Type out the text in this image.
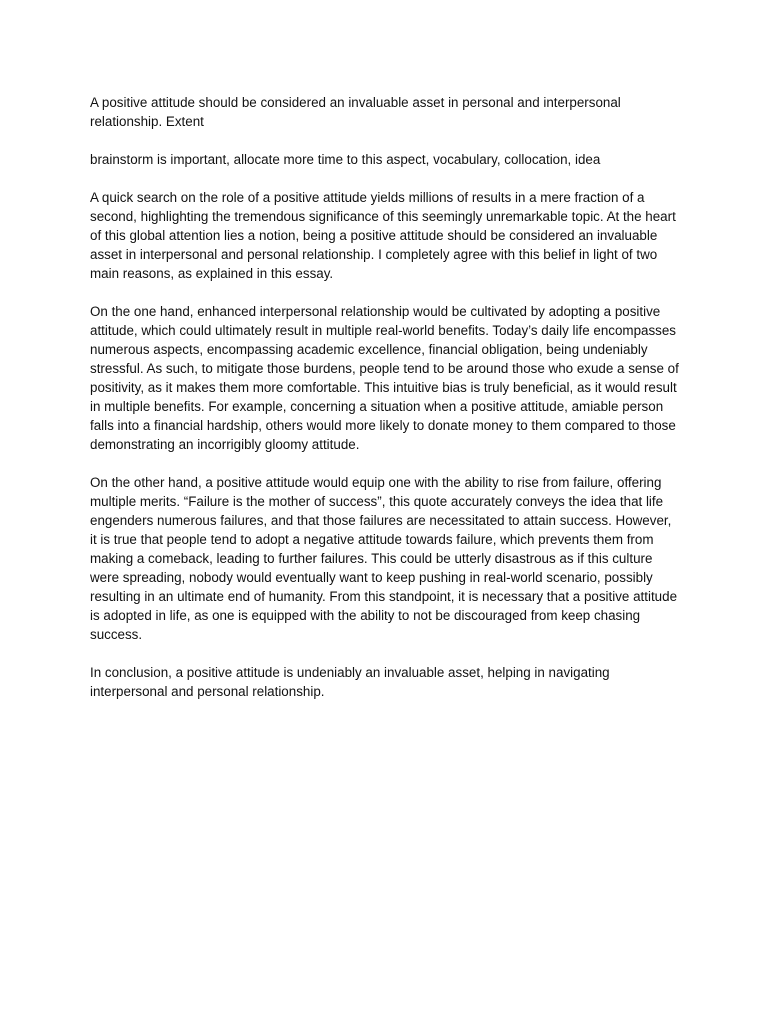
A positive attitude should be considered an invaluable asset in personal and interpersonal relationship. Extent

brainstorm is important, allocate more time to this aspect, vocabulary, collocation, idea

A quick search on the role of a positive attitude yields millions of results in a mere fraction of a second, highlighting the tremendous significance of this seemingly unremarkable topic. At the heart of this global attention lies a notion, being a positive attitude should be considered an invaluable asset in interpersonal and personal relationship. I completely agree with this belief in light of two main reasons, as explained in this essay.

On the one hand, enhanced interpersonal relationship would be cultivated by adopting a positive attitude, which could ultimately result in multiple real-world benefits. Today’s daily life encompasses numerous aspects, encompassing academic excellence, financial obligation, being undeniably stressful. As such, to mitigate those burdens, people tend to be around those who exude a sense of positivity, as it makes them more comfortable. This intuitive bias is truly beneficial, as it would result in multiple benefits. For example, concerning a situation when a positive attitude, amiable person falls into a financial hardship, others would more likely to donate money to them compared to those demonstrating an incorrigibly gloomy attitude.

On the other hand, a positive attitude would equip one with the ability to rise from failure, offering multiple merits. “Failure is the mother of success”, this quote accurately conveys the idea that life engenders numerous failures, and that those failures are necessitated to attain success. However, it is true that people tend to adopt a negative attitude towards failure, which prevents them from making a comeback, leading to further failures. This could be utterly disastrous as if this culture were spreading, nobody would eventually want to keep pushing in real-world scenario, possibly resulting in an ultimate end of humanity. From this standpoint, it is necessary that a positive attitude is adopted in life, as one is equipped with the ability to not be discouraged from keep chasing success.

In conclusion, a positive attitude is undeniably an invaluable asset, helping in navigating interpersonal and personal relationship.
